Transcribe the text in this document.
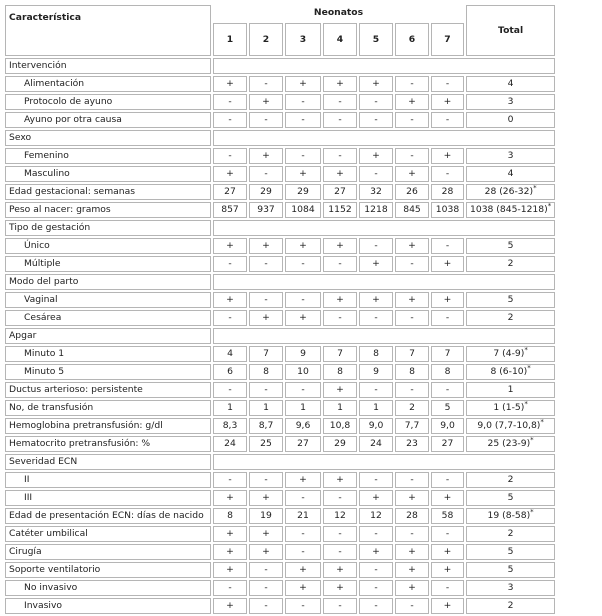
Característica	Neonatos							Total
	1	2	3	4	5	6	7	
Intervención								
Alimentación	+	-	+	+	+	-	-	4
Protocolo de ayuno	-	+	-	-	-	+	+	3
Ayuno por otra causa	-	-	-	-	-	-	-	0
Sexo								
Femenino	-	+	-	-	+	-	+	3
Masculino	+	-	+	+	-	+	-	4
Edad gestacional: semanas	27	29	29	27	32	26	28	28 (26-32)*
Peso al nacer: gramos	857	937	1084	1152	1218	845	1038	1038 (845-1218)*
Tipo de gestación								
Único	+	+	+	+	-	+	-	5
Múltiple	-	-	-	-	+	-	+	2
Modo del parto								
Vaginal	+	-	-	+	+	+	+	5
Cesárea	-	+	+	-	-	-	-	2
Apgar								
Minuto 1	4	7	9	7	8	7	7	7 (4-9)*
Minuto 5	6	8	10	8	9	8	8	8 (6-10)*
Ductus arterioso: persistente	-	-	-	+	-	-	-	1
No, de transfusión	1	1	1	1	1	2	5	1 (1-5)*
Hemoglobina pretransfusión: g/dl	8,3	8,7	9,6	10,8	9,0	7,7	9,0	9,0 (7,7-10,8)*
Hematocrito pretransfusión: %	24	25	27	29	24	23	27	25 (23-9)*
Severidad ECN								
II	-	-	+	+	-	-	-	2
III	+	+	-	-	+	+	+	5
Edad de presentación ECN: días de nacido	8	19	21	12	12	28	58	19 (8-58)*
Catéter umbilical	+	+	-	-	-	-	-	2
Cirugía	+	+	-	-	+	+	+	5
Soporte ventilatorio	+	-	+	+	-	+	+	5
No invasivo	-	-	+	+	-	+	-	3
Invasivo	+	-	-	-	-	-	+	2
